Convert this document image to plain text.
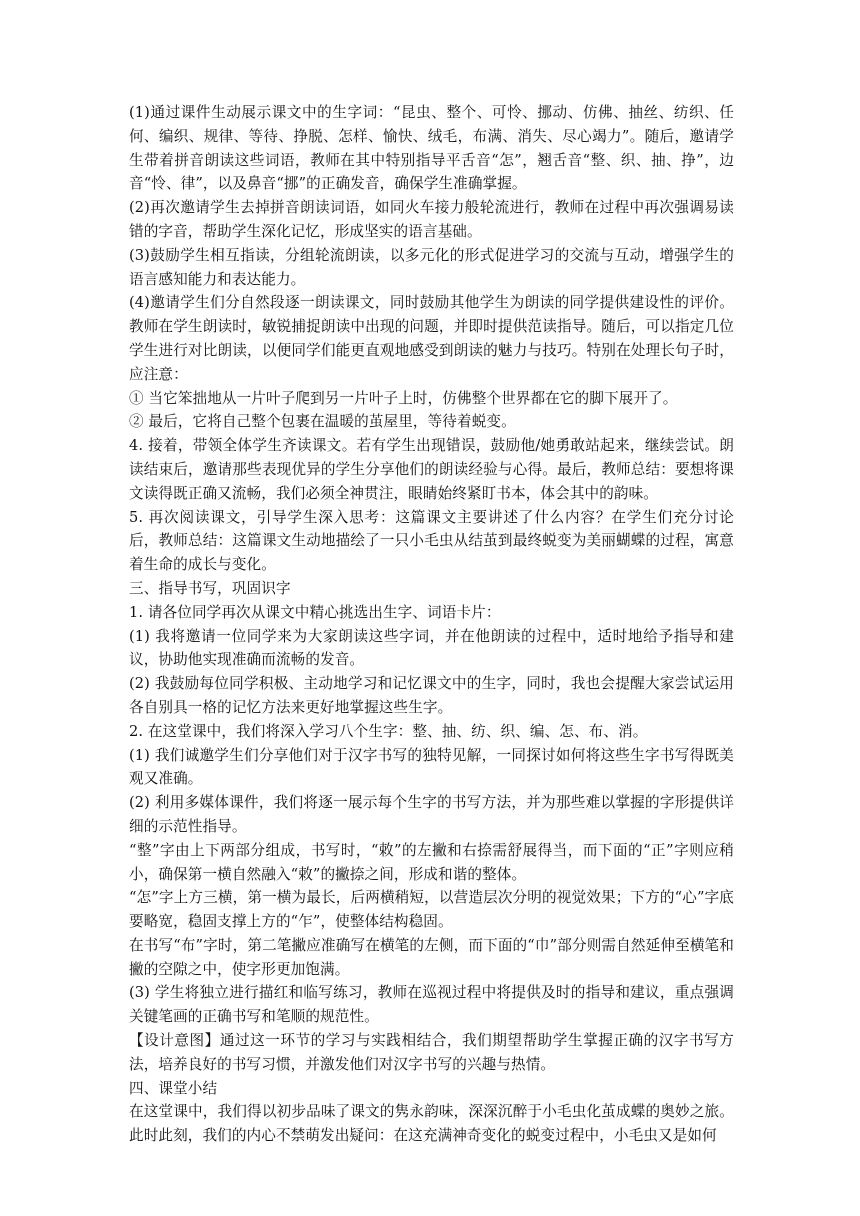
(1)通过课件生动展示课文中的生字词：“昆虫、整个、可怜、挪动、仿佛、抽丝、纺织、任何、编织、规律、等待、挣脱、怎样、愉快、绒毛，布满、消失、尽心竭力”。随后，邀请学生带着拼音朗读这些词语，教师在其中特别指导平舌音“怎”，翘舌音“整、织、抽、挣”，边音“怜、律”，以及鼻音“挪”的正确发音，确保学生准确掌握。

(2)再次邀请学生去掉拼音朗读词语，如同火车接力般轮流进行，教师在过程中再次强调易读错的字音，帮助学生深化记忆，形成坚实的语言基础。

(3)鼓励学生相互指读，分组轮流朗读，以多元化的形式促进学习的交流与互动，增强学生的语言感知能力和表达能力。

(4)邀请学生们分自然段逐一朗读课文，同时鼓励其他学生为朗读的同学提供建设性的评价。教师在学生朗读时，敏锐捕捉朗读中出现的问题，并即时提供范读指导。随后，可以指定几位学生进行对比朗读，以便同学们能更直观地感受到朗读的魅力与技巧。特别在处理长句子时，应注意：

① 当它笨拙地从一片叶子爬到另一片叶子上时，仿佛整个世界都在它的脚下展开了。

② 最后，它将自己整个包裹在温暖的茧屋里，等待着蜕变。

4. 接着，带领全体学生齐读课文。若有学生出现错误，鼓励他/她勇敢站起来，继续尝试。朗读结束后，邀请那些表现优异的学生分享他们的朗读经验与心得。最后，教师总结：要想将课文读得既正确又流畅，我们必须全神贯注，眼睛始终紧盯书本，体会其中的韵味。

5. 再次阅读课文，引导学生深入思考：这篇课文主要讲述了什么内容？在学生们充分讨论后，教师总结：这篇课文生动地描绘了一只小毛虫从结茧到最终蜕变为美丽蝴蝶的过程，寓意着生命的成长与变化。

三、指导书写，巩固识字

1. 请各位同学再次从课文中精心挑选出生字、词语卡片：

(1) 我将邀请一位同学来为大家朗读这些字词，并在他朗读的过程中，适时地给予指导和建议，协助他实现准确而流畅的发音。

(2) 我鼓励每位同学积极、主动地学习和记忆课文中的生字，同时，我也会提醒大家尝试运用各自别具一格的记忆方法来更好地掌握这些生字。

2. 在这堂课中，我们将深入学习八个生字：整、抽、纺、织、编、怎、布、消。

(1) 我们诚邀学生们分享他们对于汉字书写的独特见解，一同探讨如何将这些生字书写得既美观又准确。

(2) 利用多媒体课件，我们将逐一展示每个生字的书写方法，并为那些难以掌握的字形提供详细的示范性指导。

“整”字由上下两部分组成，书写时，“敕”的左撇和右捺需舒展得当，而下面的“正”字则应稍小，确保第一横自然融入“敕”的撇捺之间，形成和谐的整体。

“怎”字上方三横，第一横为最长，后两横稍短，以营造层次分明的视觉效果；下方的“心”字底要略宽，稳固支撑上方的“乍”，使整体结构稳固。

在书写“布”字时，第二笔撇应准确写在横笔的左侧，而下面的“巾”部分则需自然延伸至横笔和撇的空隙之中，使字形更加饱满。

(3) 学生将独立进行描红和临写练习，教师在巡视过程中将提供及时的指导和建议，重点强调关键笔画的正确书写和笔顺的规范性。

【设计意图】通过这一环节的学习与实践相结合，我们期望帮助学生掌握正确的汉字书写方法，培养良好的书写习惯，并激发他们对汉字书写的兴趣与热情。

四、课堂小结

在这堂课中，我们得以初步品味了课文的隽永韵味，深深沉醉于小毛虫化茧成蝶的奥妙之旅。此时此刻，我们的内心不禁萌发出疑问：在这充满神奇变化的蜕变过程中，小毛虫又是如何
